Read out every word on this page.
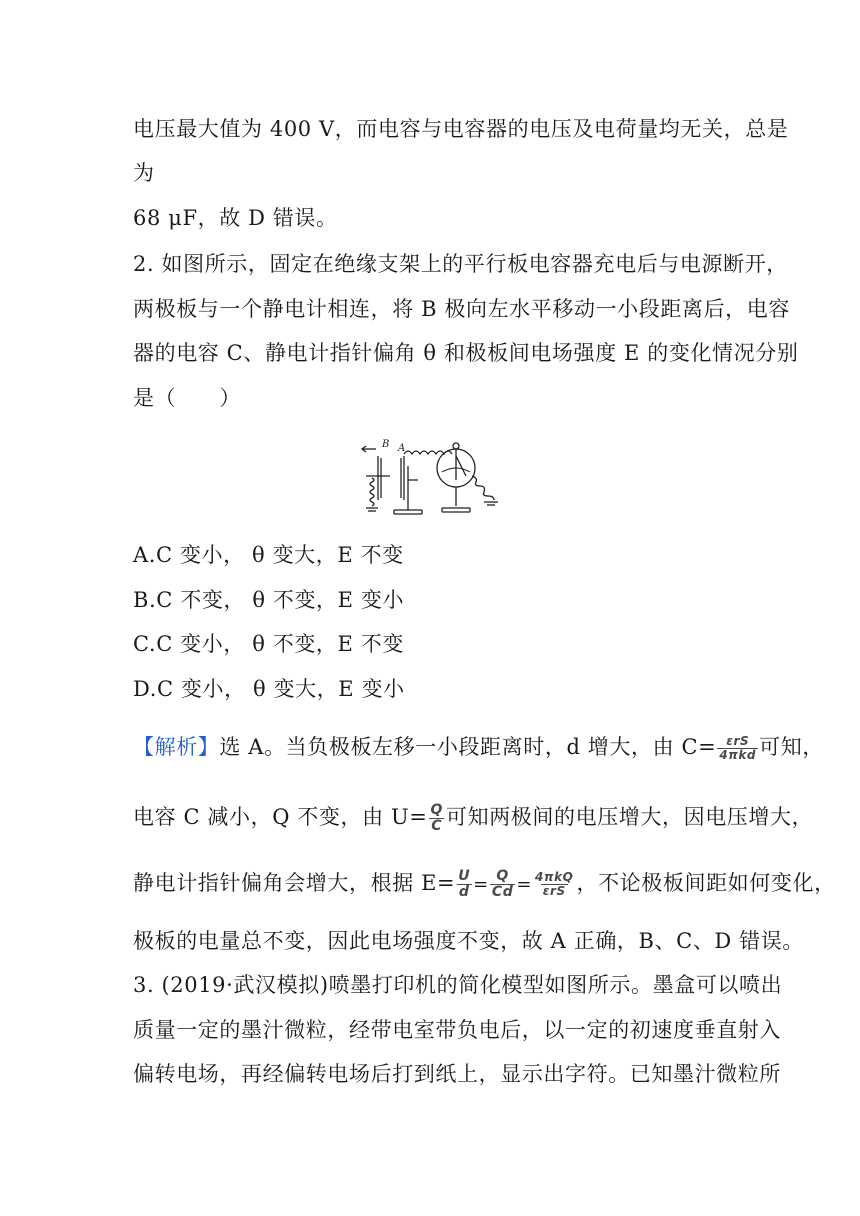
电压最大值为 400 V，而电容与电容器的电压及电荷量均无关，总是
为
68 μF，故 D 错误。
2. 如图所示，固定在绝缘支架上的平行板电容器充电后与电源断开，
两极板与一个静电计相连，将 B 极向左水平移动一小段距离后，电容
器的电容 C、静电计指针偏角 θ 和极板间电场强度 E 的变化情况分别
是（　　）
B A
A.C 变小， θ 变大，E 不变
B.C 不变， θ 不变，E 变小
C.C 变小， θ 不变，E 不变
D.C 变小， θ 变大，E 变小
【解析】选 A。当负极板左移一小段距离时，d 增大，由 $C= \frac{\text{εrS}}{\text{4πkd}}$ 可知，
电容 C 减小，Q 不变，由 $U= \frac{Q}{C}$ 可知两极间的电压增大，因电压增大，
静电计指针偏角会增大，根据 $E= \frac{U}{d} = \frac{Q}{Cd} = \frac{\text{4πkQ}}{\text{εrS}}$ ，不论极板间距如何变化，
极板的电量总不变，因此电场强度不变，故 A 正确，B、C、D 错误。
3. (2019·武汉模拟)喷墨打印机的简化模型如图所示。墨盒可以喷出
质量一定的墨汁微粒，经带电室带负电后，以一定的初速度垂直射入
偏转电场，再经偏转电场后打到纸上，显示出字符。已知墨汁微粒所
